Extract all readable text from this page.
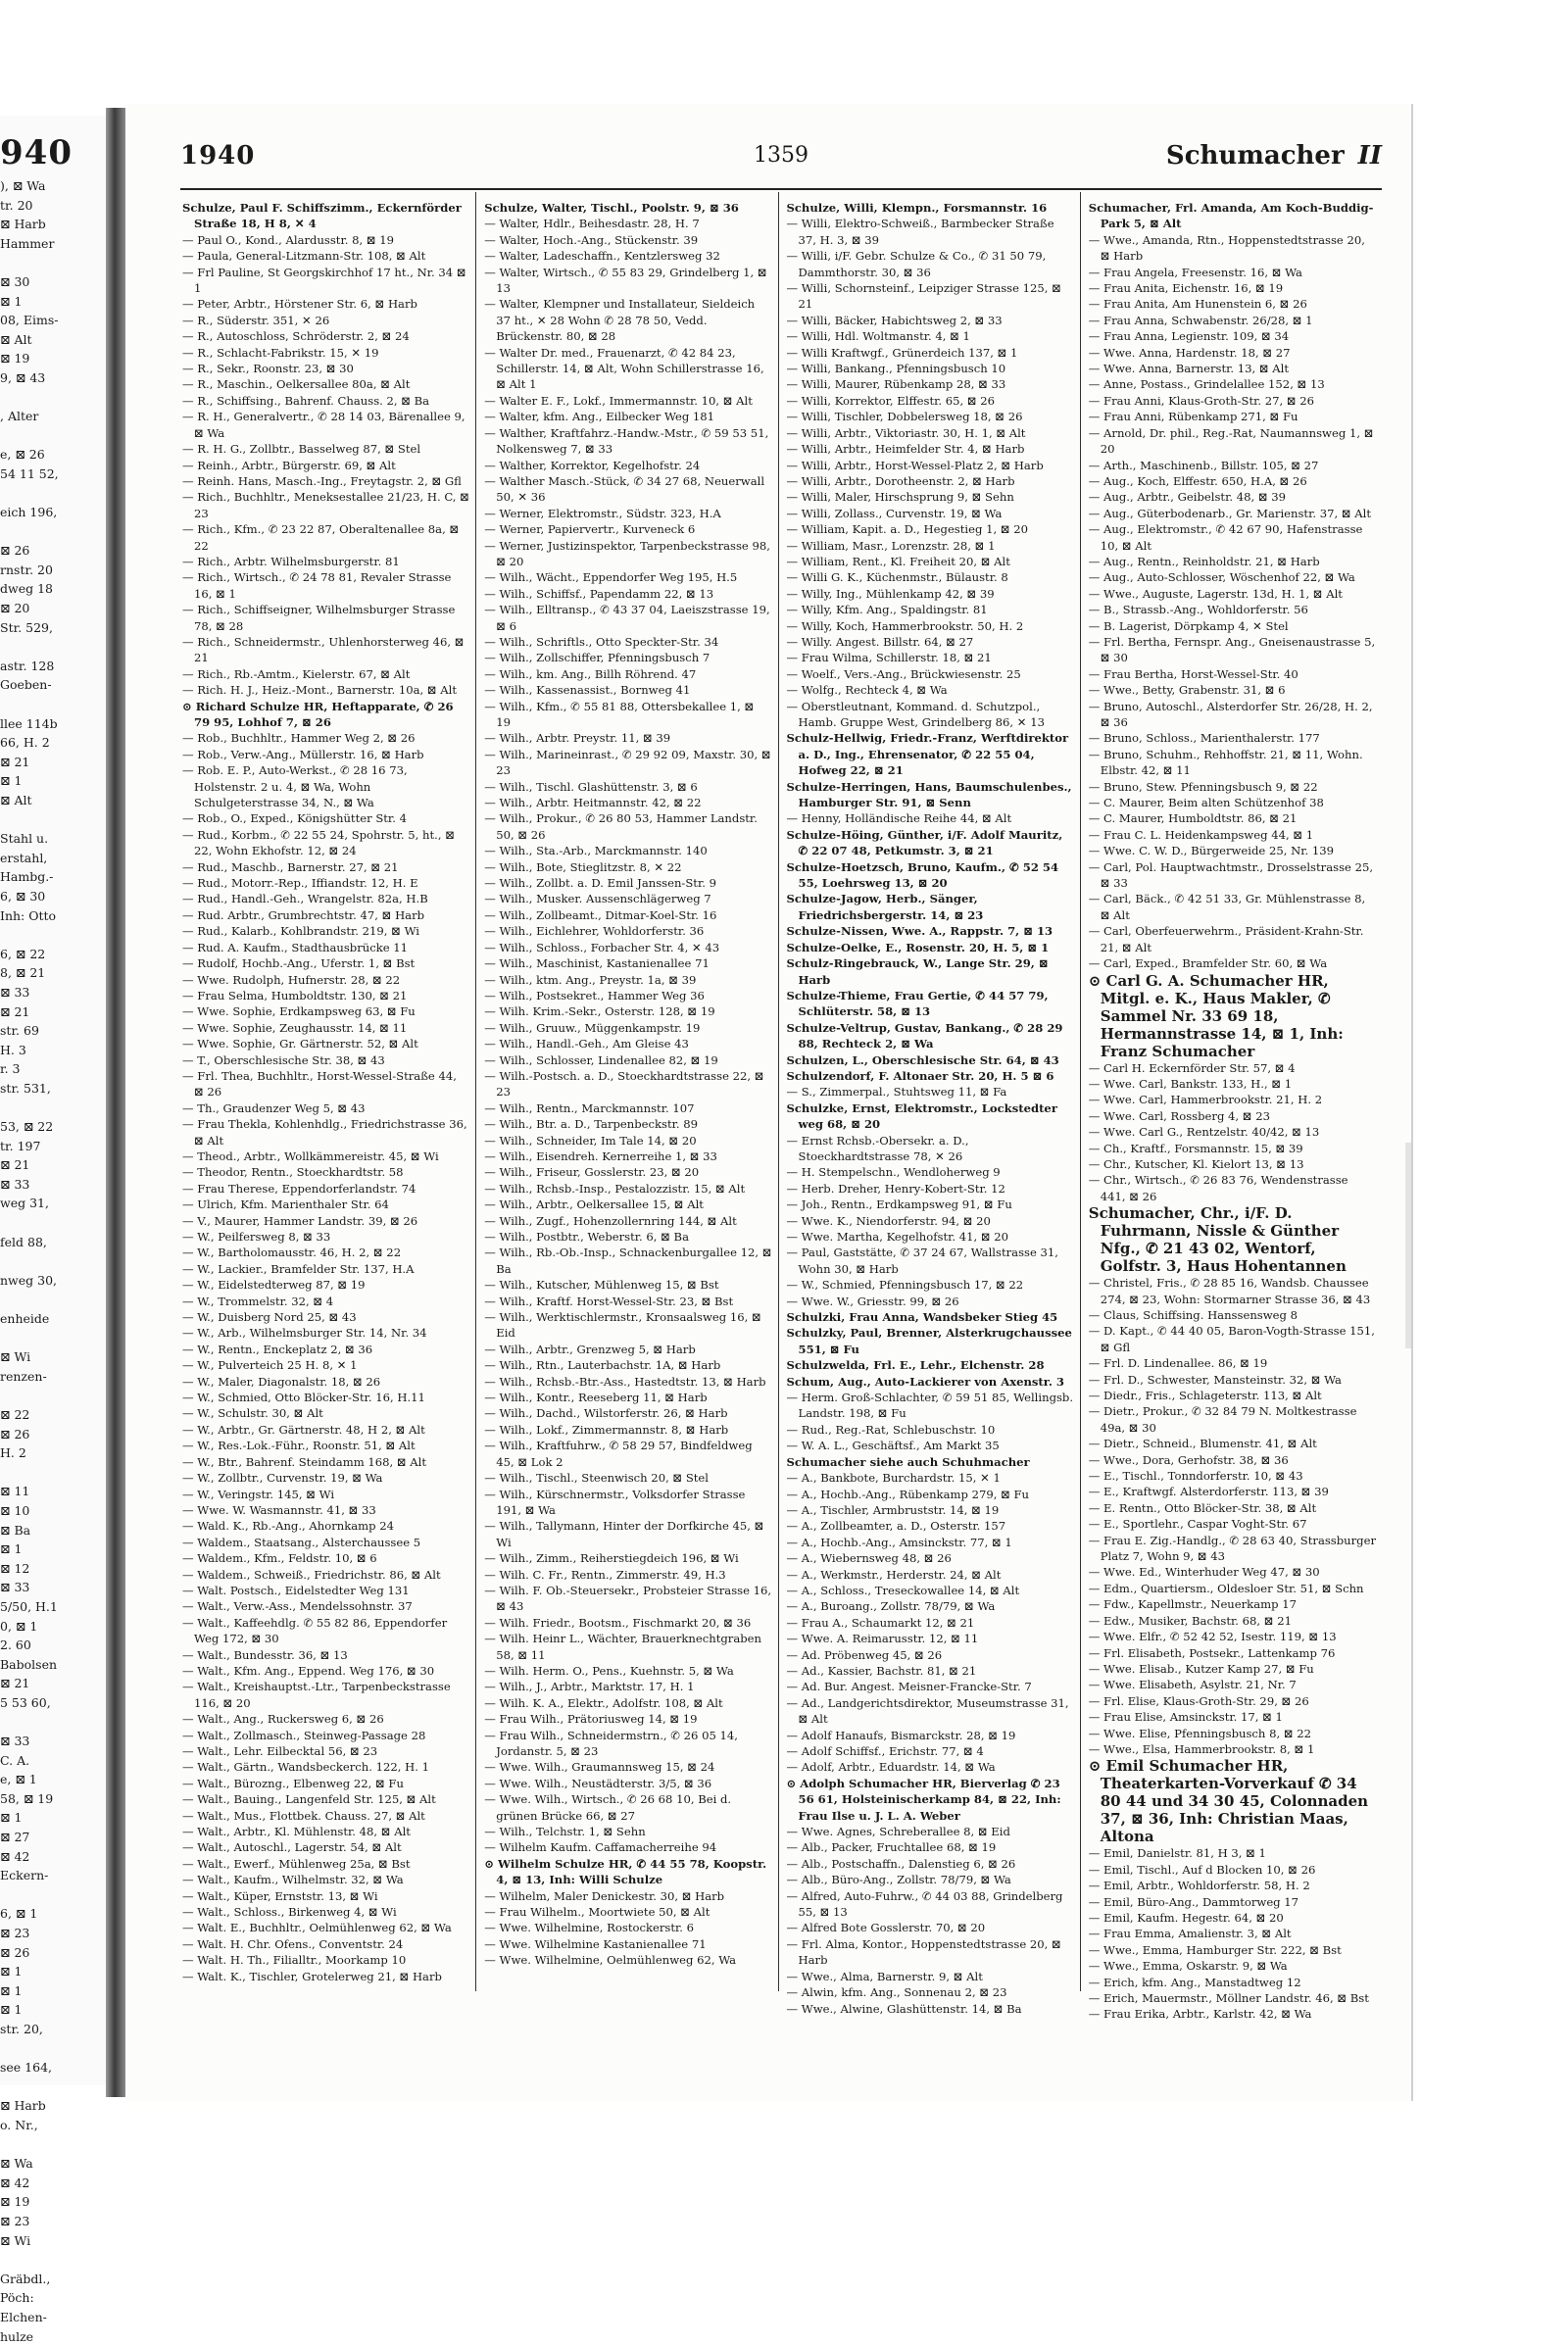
940
), ⊠ Wa
tr. 20
⊠ Harb
Hammer
⊠ 30
⊠ 1
08, Eims-
⊠ Alt
⊠ 19
9, ⊠ 43
, Alter
e, ⊠ 26
54 11 52,
eich 196,
⊠ 26
rnstr. 20
dweg 18
⊠ 20
Str. 529,
astr. 128
Goeben-
llee 114b
66, H. 2
⊠ 21
⊠ 1
⊠ Alt
Stahl u.
erstahl,
Hambg.-
6, ⊠ 30
Inh: Otto
6, ⊠ 22
8, ⊠ 21
⊠ 33
⊠ 21
str. 69
H. 3
r. 3
str. 531,
53, ⊠ 22
tr. 197
⊠ 21
⊠ 33
weg 31,
feld 88,
nweg 30,
enheide
⊠ Wi
renzen-
⊠ 22
⊠ 26
H. 2
⊠ 11
⊠ 10
⊠ Ba
⊠ 1
⊠ 12
⊠ 33
5/50, H.1
0, ⊠ 1
2. 60
Babolsen
⊠ 21
5 53 60,
⊠ 33
C. A.
e, ⊠ 1
58, ⊠ 19
⊠ 1
⊠ 27
⊠ 42
Eckern-
6, ⊠ 1
⊠ 23
⊠ 26
⊠ 1
⊠ 1
⊠ 1
str. 20,
see 164,
⊠ Harb
o. Nr.,
⊠ Wa
⊠ 42
⊠ 19
⊠ 23
⊠ Wi
Gräbdl.,
Pöch:
Elchen-
hulze
1940	1359	Schumacher II

Schulze, Paul F. Schiffszimm., Eckernförder Straße 18, H 8, ✕ 4

— Paul O., Kond., Alardusstr. 8, ⊠ 19

— Paula, General-Litzmann-Str. 108, ⊠ Alt

— Frl Pauline, St Georgskirchhof 17 ht., Nr. 34 ⊠ 1

— Peter, Arbtr., Hörstener Str. 6, ⊠ Harb

— R., Süderstr. 351, ✕ 26

— R., Autoschloss, Schröderstr. 2, ⊠ 24

— R., Schlacht-Fabrikstr. 15, ✕ 19

— R., Sekr., Roonstr. 23, ⊠ 30

— R., Maschin., Oelkersallee 80a, ⊠ Alt

— R., Schiffsing., Bahrenf. Chauss. 2, ⊠ Ba

— R. H., Generalvertr., ✆ 28 14 03, Bärenallee 9, ⊠ Wa

— R. H. G., Zollbtr., Basselweg 87, ⊠ Stel

— Reinh., Arbtr., Bürgerstr. 69, ⊠ Alt

— Reinh. Hans, Masch.-Ing., Freytagstr. 2, ⊠ Gfl

— Rich., Buchhltr., Meneksestallee 21/23, H. C, ⊠ 23

— Rich., Kfm., ✆ 23 22 87, Oberaltenallee 8a, ⊠ 22

— Rich., Arbtr. Wilhelmsburgerstr. 81

— Rich., Wirtsch., ✆ 24 78 81, Revaler Strasse 16, ⊠ 1

— Rich., Schiffseigner, Wilhelmsburger Strasse 78, ⊠ 28

— Rich., Schneidermstr., Uhlenhorsterweg 46, ⊠ 21

— Rich., Rb.-Amtm., Kielerstr. 67, ⊠ Alt

— Rich. H. J., Heiz.-Mont., Barnerstr. 10a, ⊠ Alt

⊙ Richard Schulze HR, Heftapparate, ✆ 26 79 95, Lohhof 7, ⊠ 26

— Rob., Buchhltr., Hammer Weg 2, ⊠ 26

— Rob., Verw.-Ang., Müllerstr. 16, ⊠ Harb

— Rob. E. P., Auto-Werkst., ✆ 28 16 73, Holstenstr. 2 u. 4, ⊠ Wa, Wohn Schulgeterstrasse 34, N., ⊠ Wa

— Rob., O., Exped., Königshütter Str. 4

— Rud., Korbm., ✆ 22 55 24, Spohrstr. 5, ht., ⊠ 22, Wohn Ekhofstr. 12, ⊠ 24

— Rud., Maschb., Barnerstr. 27, ⊠ 21

— Rud., Motorr.-Rep., Iffiandstr. 12, H. E

— Rud., Handl.-Geh., Wrangelstr. 82a, H.B

— Rud. Arbtr., Grumbrechtstr. 47, ⊠ Harb

— Rud., Kalarb., Kohlbrandstr. 219, ⊠ Wi

— Rud. A. Kaufm., Stadthausbrücke 11

— Rudolf, Hochb.-Ang., Uferstr. 1, ⊠ Bst

— Wwe. Rudolph, Hufnerstr. 28, ⊠ 22

— Frau Selma, Humboldtstr. 130, ⊠ 21

— Wwe. Sophie, Erdkampsweg 63, ⊠ Fu

— Wwe. Sophie, Zeughausstr. 14, ⊠ 11

— Wwe. Sophie, Gr. Gärtnerstr. 52, ⊠ Alt

— T., Oberschlesische Str. 38, ⊠ 43

— Frl. Thea, Buchhltr., Horst-Wessel-Straße 44, ⊠ 26

— Th., Graudenzer Weg 5, ⊠ 43

— Frau Thekla, Kohlenhdlg., Friedrichstrasse 36, ⊠ Alt

— Theod., Arbtr., Wollkämmereistr. 45, ⊠ Wi

— Theodor, Rentn., Stoeckhardtstr. 58

— Frau Therese, Eppendorferlandstr. 74

— Ulrich, Kfm. Marienthaler Str. 64

— V., Maurer, Hammer Landstr. 39, ⊠ 26

— W., Peilfersweg 8, ⊠ 33

— W., Bartholomausstr. 46, H. 2, ⊠ 22

— W., Lackier., Bramfelder Str. 137, H.A

— W., Eidelstedterweg 87, ⊠ 19

— W., Trommelstr. 32, ⊠ 4

— W., Duisberg Nord 25, ⊠ 43

— W., Arb., Wilhelmsburger Str. 14, Nr. 34

— W., Rentn., Enckeplatz 2, ⊠ 36

— W., Pulverteich 25 H. 8, ✕ 1

— W., Maler, Diagonalstr. 18, ⊠ 26

— W., Schmied, Otto Blöcker-Str. 16, H.11

— W., Schulstr. 30, ⊠ Alt

— W., Arbtr., Gr. Gärtnerstr. 48, H 2, ⊠ Alt

— W., Res.-Lok.-Führ., Roonstr. 51, ⊠ Alt

— W., Btr., Bahrenf. Steindamm 168, ⊠ Alt

— W., Zollbtr., Curvenstr. 19, ⊠ Wa

— W., Veringstr. 145, ⊠ Wi

— Wwe. W. Wasmannstr. 41, ⊠ 33

— Wald. K., Rb.-Ang., Ahornkamp 24

— Waldem., Staatsang., Alsterchaussee 5

— Waldem., Kfm., Feldstr. 10, ⊠ 6

— Waldem., Schweiß., Friedrichstr. 86, ⊠ Alt

— Walt. Postsch., Eidelstedter Weg 131

— Walt., Verw.-Ass., Mendelssohnstr. 37

— Walt., Kaffeehdlg. ✆ 55 82 86, Eppendorfer Weg 172, ⊠ 30

— Walt., Bundesstr. 36, ⊠ 13

— Walt., Kfm. Ang., Eppend. Weg 176, ⊠ 30

— Walt., Kreishauptst.-Ltr., Tarpenbeckstrasse 116, ⊠ 20

— Walt., Ang., Ruckersweg 6, ⊠ 26

— Walt., Zollmasch., Steinweg-Passage 28

— Walt., Lehr. Eilbecktal 56, ⊠ 23

— Walt., Gärtn., Wandsbeckerch. 122, H. 1

— Walt., Bürozng., Elbenweg 22, ⊠ Fu

— Walt., Bauing., Langenfeld Str. 125, ⊠ Alt

— Walt., Mus., Flottbek. Chauss. 27, ⊠ Alt

— Walt., Arbtr., Kl. Mühlenstr. 48, ⊠ Alt

— Walt., Autoschl., Lagerstr. 54, ⊠ Alt

— Walt., Ewerf., Mühlenweg 25a, ⊠ Bst

— Walt., Kaufm., Wilhelmstr. 32, ⊠ Wa

— Walt., Küper, Ernststr. 13, ⊠ Wi

— Walt., Schloss., Birkenweg 4, ⊠ Wi

— Walt. E., Buchhltr., Oelmühlenweg 62, ⊠ Wa

— Walt. H. Chr. Ofens., Conventstr. 24

— Walt. H. Th., Filialltr., Moorkamp 10

— Walt. K., Tischler, Grotelerweg 21, ⊠ Harb

Schulze, Walter, Tischl., Poolstr. 9, ⊠ 36

— Walter, Hdlr., Beihesdastr. 28, H. 7

— Walter, Hoch.-Ang., Stückenstr. 39

— Walter, Ladeschaffn., Kentzlersweg 32

— Walter, Wirtsch., ✆ 55 83 29, Grindelberg 1, ⊠ 13

— Walter, Klempner und Installateur, Sieldeich 37 ht., ✕ 28 Wohn ✆ 28 78 50, Vedd. Brückenstr. 80, ⊠ 28

— Walter Dr. med., Frauenarzt, ✆ 42 84 23, Schillerstr. 14, ⊠ Alt, Wohn Schillerstrasse 16, ⊠ Alt 1

— Walter E. F., Lokf., Immermannstr. 10, ⊠ Alt

— Walter, kfm. Ang., Eilbecker Weg 181

— Walther, Kraftfahrz.-Handw.-Mstr., ✆ 59 53 51, Nolkensweg 7, ⊠ 33

— Walther, Korrektor, Kegelhofstr. 24

— Walther Masch.-Stück, ✆ 34 27 68, Neuerwall 50, ✕ 36

— Werner, Elektromstr., Südstr. 323, H.A

— Werner, Papiervertr., Kurveneck 6

— Werner, Justizinspektor, Tarpenbeckstrasse 98, ⊠ 20

— Wilh., Wächt., Eppendorfer Weg 195, H.5

— Wilh., Schiffsf., Papendamm 22, ⊠ 13

— Wilh., Elltransp., ✆ 43 37 04, Laeiszstrasse 19, ⊠ 6

— Wilh., Schriftls., Otto Speckter-Str. 34

— Wilh., Zollschiffer, Pfenningsbusch 7

— Wilh., km. Ang., Billh Röhrend. 47

— Wilh., Kassenassist., Bornweg 41

— Wilh., Kfm., ✆ 55 81 88, Ottersbekallee 1, ⊠ 19

— Wilh., Arbtr. Preystr. 11, ⊠ 39

— Wilh., Marineinrast., ✆ 29 92 09, Maxstr. 30, ⊠ 23

— Wilh., Tischl. Glashüttenstr. 3, ⊠ 6

— Wilh., Arbtr. Heitmannstr. 42, ⊠ 22

— Wilh., Prokur., ✆ 26 80 53, Hammer Landstr. 50, ⊠ 26

— Wilh., Sta.-Arb., Marckmannstr. 140

— Wilh., Bote, Stieglitzstr. 8, ✕ 22

— Wilh., Zollbt. a. D. Emil Janssen-Str. 9

— Wilh., Musker. Aussenschlägerweg 7

— Wilh., Zollbeamt., Ditmar-Koel-Str. 16

— Wilh., Eichlehrer, Wohldorferstr. 36

— Wilh., Schloss., Forbacher Str. 4, ✕ 43

— Wilh., Maschinist, Kastanienallee 71

— Wilh., ktm. Ang., Preystr. 1a, ⊠ 39

— Wilh., Postsekret., Hammer Weg 36

— Wilh. Krim.-Sekr., Osterstr. 128, ⊠ 19

— Wilh., Gruuw., Müggenkampstr. 19

— Wilh., Handl.-Geh., Am Gleise 43

— Wilh., Schlosser, Lindenallee 82, ⊠ 19

— Wilh.-Postsch. a. D., Stoeckhardtstrasse 22, ⊠ 23

— Wilh., Rentn., Marckmannstr. 107

— Wilh., Btr. a. D., Tarpenbeckstr. 89

— Wilh., Schneider, Im Tale 14, ⊠ 20

— Wilh., Eisendreh. Kernerreihe 1, ⊠ 33

— Wilh., Friseur, Gosslerstr. 23, ⊠ 20

— Wilh., Rchsb.-Insp., Pestalozzistr. 15, ⊠ Alt

— Wilh., Arbtr., Oelkersallee 15, ⊠ Alt

— Wilh., Zugf., Hohenzollernring 144, ⊠ Alt

— Wilh., Postbtr., Weberstr. 6, ⊠ Ba

— Wilh., Rb.-Ob.-Insp., Schnackenburgallee 12, ⊠ Ba

— Wilh., Kutscher, Mühlenweg 15, ⊠ Bst

— Wilh., Kraftf. Horst-Wessel-Str. 23, ⊠ Bst

— Wilh., Werktischlermstr., Kronsaalsweg 16, ⊠ Eid

— Wilh., Arbtr., Grenzweg 5, ⊠ Harb

— Wilh., Rtn., Lauterbachstr. 1A, ⊠ Harb

— Wilh., Rchsb.-Btr.-Ass., Hastedtstr. 13, ⊠ Harb

— Wilh., Kontr., Reeseberg 11, ⊠ Harb

— Wilh., Dachd., Wilstorferstr. 26, ⊠ Harb

— Wilh., Lokf., Zimmermannstr. 8, ⊠ Harb

— Wilh., Kraftfuhrw., ✆ 58 29 57, Bindfeldweg 45, ⊠ Lok 2

— Wilh., Tischl., Steenwisch 20, ⊠ Stel

— Wilh., Kürschnermstr., Volksdorfer Strasse 191, ⊠ Wa

— Wilh., Tallymann, Hinter der Dorfkirche 45, ⊠ Wi

— Wilh., Zimm., Reiherstiegdeich 196, ⊠ Wi

— Wilh. C. Fr., Rentn., Zimmerstr. 49, H.3

— Wilh. F. Ob.-Steuersekr., Probsteier Strasse 16, ⊠ 43

— Wilh. Friedr., Bootsm., Fischmarkt 20, ⊠ 36

— Wilh. Heinr L., Wächter, Brauerknechtgraben 58, ⊠ 11

— Wilh. Herm. O., Pens., Kuehnstr. 5, ⊠ Wa

— Wilh., J., Arbtr., Marktstr. 17, H. 1

— Wilh. K. A., Elektr., Adolfstr. 108, ⊠ Alt

— Frau Wilh., Prätoriusweg 14, ⊠ 19

— Frau Wilh., Schneidermstrn., ✆ 26 05 14, Jordanstr. 5, ⊠ 23

— Wwe. Wilh., Graumannsweg 15, ⊠ 24

— Wwe. Wilh., Neustädterstr. 3/5, ⊠ 36

— Wwe. Wilh., Wirtsch., ✆ 26 68 10, Bei d. grünen Brücke 66, ⊠ 27

— Wilh., Telchstr. 1, ⊠ Sehn

— Wilhelm Kaufm. Caffamacherreihe 94

⊙ Wilhelm Schulze HR, ✆ 44 55 78, Koopstr. 4, ⊠ 13, Inh: Willi Schulze

— Wilhelm, Maler Denickestr. 30, ⊠ Harb

— Frau Wilhelm., Moortwiete 50, ⊠ Alt

— Wwe. Wilhelmine, Rostockerstr. 6

— Wwe. Wilhelmine Kastanienallee 71

— Wwe. Wilhelmine, Oelmühlenweg 62, Wa

Schulze, Willi, Klempn., Forsmannstr. 16

— Willi, Elektro-Schweiß., Barmbecker Straße 37, H. 3, ⊠ 39

— Willi, i/F. Gebr. Schulze & Co., ✆ 31 50 79, Dammthorstr. 30, ⊠ 36

— Willi, Schornsteinf., Leipziger Strasse 125, ⊠ 21

— Willi, Bäcker, Habichtsweg 2, ⊠ 33

— Willi, Hdl. Woltmanstr. 4, ⊠ 1

— Willi Kraftwgf., Grünerdeich 137, ⊠ 1

— Willi, Bankang., Pfenningsbusch 10

— Willi, Maurer, Rübenkamp 28, ⊠ 33

— Willi, Korrektor, Elffestr. 65, ⊠ 26

— Willi, Tischler, Dobbelersweg 18, ⊠ 26

— Willi, Arbtr., Viktoriastr. 30, H. 1, ⊠ Alt

— Willi, Arbtr., Heimfelder Str. 4, ⊠ Harb

— Willi, Arbtr., Horst-Wessel-Platz 2, ⊠ Harb

— Willi, Arbtr., Dorotheenstr. 2, ⊠ Harb

— Willi, Maler, Hirschsprung 9, ⊠ Sehn

— Willi, Zollass., Curvenstr. 19, ⊠ Wa

— William, Kapit. a. D., Hegestieg 1, ⊠ 20

— William, Masr., Lorenzstr. 28, ⊠ 1

— William, Rent., Kl. Freiheit 20, ⊠ Alt

— Willi G. K., Küchenmstr., Bülaustr. 8

— Willy, Ing., Mühlenkamp 42, ⊠ 39

— Willy, Kfm. Ang., Spaldingstr. 81

— Willy, Koch, Hammerbrookstr. 50, H. 2

— Willy. Angest. Billstr. 64, ⊠ 27

— Frau Wilma, Schillerstr. 18, ⊠ 21

— Woelf., Vers.-Ang., Brückwiesenstr. 25

— Wolfg., Rechteck 4, ⊠ Wa

— Oberstleutnant, Kommand. d. Schutzpol., Hamb. Gruppe West, Grindelberg 86, ✕ 13

Schulz-Hellwig, Friedr.-Franz, Werftdirektor a. D., Ing., Ehrensenator, ✆ 22 55 04, Hofweg 22, ⊠ 21

Schulze-Herringen, Hans, Baumschulenbes., Hamburger Str. 91, ⊠ Senn

— Henny, Holländische Reihe 44, ⊠ Alt

Schulze-Höing, Günther, i/F. Adolf Mauritz, ✆ 22 07 48, Petkumstr. 3, ⊠ 21

Schulze-Hoetzsch, Bruno, Kaufm., ✆ 52 54 55, Loehrsweg 13, ⊠ 20

Schulze-Jagow, Herb., Sänger, Friedrichsbergerstr. 14, ⊠ 23

Schulze-Nissen, Wwe. A., Rappstr. 7, ⊠ 13

Schulze-Oelke, E., Rosenstr. 20, H. 5, ⊠ 1

Schulz-Ringebrauck, W., Lange Str. 29, ⊠ Harb

Schulze-Thieme, Frau Gertie, ✆ 44 57 79, Schlüterstr. 58, ⊠ 13

Schulze-Veltrup, Gustav, Bankang., ✆ 28 29 88, Rechteck 2, ⊠ Wa

Schulzen, L., Oberschlesische Str. 64, ⊠ 43

Schulzendorf, F. Altonaer Str. 20, H. 5 ⊠ 6

— S., Zimmerpal., Stuhtsweg 11, ⊠ Fa

Schulzke, Ernst, Elektromstr., Lockstedter weg 68, ⊠ 20

— Ernst Rchsb.-Obersekr. a. D., Stoeckhardtstrasse 78, ✕ 26

— H. Stempelschn., Wendloherweg 9

— Herb. Dreher, Henry-Kobert-Str. 12

— Joh., Rentn., Erdkampsweg 91, ⊠ Fu

— Wwe. K., Niendorferstr. 94, ⊠ 20

— Wwe. Martha, Kegelhofstr. 41, ⊠ 20

— Paul, Gaststätte, ✆ 37 24 67, Wallstrasse 31, Wohn 30, ⊠ Harb

— W., Schmied, Pfenningsbusch 17, ⊠ 22

— Wwe. W., Griesstr. 99, ⊠ 26

Schulzki, Frau Anna, Wandsbeker Stieg 45

Schulzky, Paul, Brenner, Alsterkrugchaussee 551, ⊠ Fu

Schulzwelda, Frl. E., Lehr., Elchenstr. 28

Schum, Aug., Auto-Lackierer von Axenstr. 3

— Herm. Groß-Schlachter, ✆ 59 51 85, Wellingsb. Landstr. 198, ⊠ Fu

— Rud., Reg.-Rat, Schlebuschstr. 10

— W. A. L., Geschäftsf., Am Markt 35

Schumacher siehe auch Schuhmacher

— A., Bankbote, Burchardstr. 15, ✕ 1

— A., Hochb.-Ang., Rübenkamp 279, ⊠ Fu

— A., Tischler, Armbruststr. 14, ⊠ 19

— A., Zollbeamter, a. D., Osterstr. 157

— A., Hochb.-Ang., Amsinckstr. 77, ⊠ 1

— A., Wiebernsweg 48, ⊠ 26

— A., Werkmstr., Herderstr. 24, ⊠ Alt

— A., Schloss., Treseckowallee 14, ⊠ Alt

— A., Buroang., Zollstr. 78/79, ⊠ Wa

— Frau A., Schaumarkt 12, ⊠ 21

— Wwe. A. Reimarusstr. 12, ⊠ 11

— Ad. Pröbenweg 45, ⊠ 26

— Ad., Kassier, Bachstr. 81, ⊠ 21

— Ad. Bur. Angest. Meisner-Francke-Str. 7

— Ad., Landgerichtsdirektor, Museumstrasse 31, ⊠ Alt

— Adolf Hanaufs, Bismarckstr. 28, ⊠ 19

— Adolf Schiffsf., Erichstr. 77, ⊠ 4

— Adolf, Arbtr., Eduardstr. 14, ⊠ Wa

⊙ Adolph Schumacher HR, Bierverlag ✆ 23 56 61, Holsteinischerkamp 84, ⊠ 22, Inh: Frau Ilse u. J. L. A. Weber

— Wwe. Agnes, Schreberallee 8, ⊠ Eid

— Alb., Packer, Fruchtallee 68, ⊠ 19

— Alb., Postschaffn., Dalenstieg 6, ⊠ 26

— Alb., Büro-Ang., Zollstr. 78/79, ⊠ Wa

— Alfred, Auto-Fuhrw., ✆ 44 03 88, Grindelberg 55, ⊠ 13

— Alfred Bote Gosslerstr. 70, ⊠ 20

— Frl. Alma, Kontor., Hoppenstedtstrasse 20, ⊠ Harb

— Wwe., Alma, Barnerstr. 9, ⊠ Alt

— Alwin, kfm. Ang., Sonnenau 2, ⊠ 23

— Wwe., Alwine, Glashüttenstr. 14, ⊠ Ba

Schumacher, Frl. Amanda, Am Koch-Buddig-Park 5, ⊠ Alt

— Wwe., Amanda, Rtn., Hoppenstedtstrasse 20, ⊠ Harb

— Frau Angela, Freesenstr. 16, ⊠ Wa

— Frau Anita, Eichenstr. 16, ⊠ 19

— Frau Anita, Am Hunenstein 6, ⊠ 26

— Frau Anna, Schwabenstr. 26/28, ⊠ 1

— Frau Anna, Legienstr. 109, ⊠ 34

— Wwe. Anna, Hardenstr. 18, ⊠ 27

— Wwe. Anna, Barnerstr. 13, ⊠ Alt

— Anne, Postass., Grindelallee 152, ⊠ 13

— Frau Anni, Klaus-Groth-Str. 27, ⊠ 26

— Frau Anni, Rübenkamp 271, ⊠ Fu

— Arnold, Dr. phil., Reg.-Rat, Naumannsweg 1, ⊠ 20

— Arth., Maschinenb., Billstr. 105, ⊠ 27

— Aug., Koch, Elffestr. 650, H.A, ⊠ 26

— Aug., Arbtr., Geibelstr. 48, ⊠ 39

— Aug., Güterbodenarb., Gr. Marienstr. 37, ⊠ Alt

— Aug., Elektromstr., ✆ 42 67 90, Hafenstrasse 10, ⊠ Alt

— Aug., Rentn., Reinholdstr. 21, ⊠ Harb

— Aug., Auto-Schlosser, Wöschenhof 22, ⊠ Wa

— Wwe., Auguste, Lagerstr. 13d, H. 1, ⊠ Alt

— B., Strassb.-Ang., Wohldorferstr. 56

— B. Lagerist, Dörpkamp 4, ✕ Stel

— Frl. Bertha, Fernspr. Ang., Gneisenaustrasse 5, ⊠ 30

— Frau Bertha, Horst-Wessel-Str. 40

— Wwe., Betty, Grabenstr. 31, ⊠ 6

— Bruno, Autoschl., Alsterdorfer Str. 26/28, H. 2, ⊠ 36

— Bruno, Schloss., Marienthalerstr. 177

— Bruno, Schuhm., Rehhoffstr. 21, ⊠ 11, Wohn. Elbstr. 42, ⊠ 11

— Bruno, Stew. Pfenningsbusch 9, ⊠ 22

— C. Maurer, Beim alten Schützenhof 38

— C. Maurer, Humboldtstr. 86, ⊠ 21

— Frau C. L. Heidenkampsweg 44, ⊠ 1

— Wwe. C. W. D., Bürgerweide 25, Nr. 139

— Carl, Pol. Hauptwachtmstr., Drosselstrasse 25, ⊠ 33

— Carl, Bäck., ✆ 42 51 33, Gr. Mühlenstrasse 8, ⊠ Alt

— Carl, Oberfeuerwehrm., Präsident-Krahn-Str. 21, ⊠ Alt

— Carl, Exped., Bramfelder Str. 60, ⊠ Wa

⊙ Carl G. A. Schumacher HR, Mitgl. e. K., Haus Makler, ✆ Sammel Nr. 33 69 18, Hermannstrasse 14, ⊠ 1, Inh: Franz Schumacher

— Carl H. Eckernförder Str. 57, ⊠ 4

— Wwe. Carl, Bankstr. 133, H., ⊠ 1

— Wwe. Carl, Hammerbrookstr. 21, H. 2

— Wwe. Carl, Rossberg 4, ⊠ 23

— Wwe. Carl G., Rentzelstr. 40/42, ⊠ 13

— Ch., Kraftf., Forsmannstr. 15, ⊠ 39

— Chr., Kutscher, Kl. Kielort 13, ⊠ 13

— Chr., Wirtsch., ✆ 26 83 76, Wendenstrasse 441, ⊠ 26

Schumacher, Chr., i/F. D. Fuhrmann, Nissle & Günther Nfg., ✆ 21 43 02, Wentorf, Golfstr. 3, Haus Hohentannen

— Christel, Fris., ✆ 28 85 16, Wandsb. Chaussee 274, ⊠ 23, Wohn: Stormarner Strasse 36, ⊠ 43

— Claus, Schiffsing. Hanssensweg 8

— D. Kapt., ✆ 44 40 05, Baron-Vogth-Strasse 151, ⊠ Gfl

— Frl. D. Lindenallee. 86, ⊠ 19

— Frl. D., Schwester, Mansteinstr. 32, ⊠ Wa

— Diedr., Fris., Schlageterstr. 113, ⊠ Alt

— Dietr., Prokur., ✆ 32 84 79 N. Moltkestrasse 49a, ⊠ 30

— Dietr., Schneid., Blumenstr. 41, ⊠ Alt

— Wwe., Dora, Gerhofstr. 38, ⊠ 36

— E., Tischl., Tonndorferstr. 10, ⊠ 43

— E., Kraftwgf. Alsterdorferstr. 113, ⊠ 39

— E. Rentn., Otto Blöcker-Str. 38, ⊠ Alt

— E., Sportlehr., Caspar Voght-Str. 67

— Frau E. Zig.-Handlg., ✆ 28 63 40, Strassburger Platz 7, Wohn 9, ⊠ 43

— Wwe. Ed., Winterhuder Weg 47, ⊠ 30

— Edm., Quartiersm., Oldesloer Str. 51, ⊠ Schn

— Fdw., Kapellmstr., Neuerkamp 17

— Edw., Musiker, Bachstr. 68, ⊠ 21

— Wwe. Elfr., ✆ 52 42 52, Isestr. 119, ⊠ 13

— Frl. Elisabeth, Postsekr., Lattenkamp 76

— Wwe. Elisab., Kutzer Kamp 27, ⊠ Fu

— Wwe. Elisabeth, Asylstr. 21, Nr. 7

— Frl. Elise, Klaus-Groth-Str. 29, ⊠ 26

— Frau Elise, Amsinckstr. 17, ⊠ 1

— Wwe. Elise, Pfenningsbusch 8, ⊠ 22

— Wwe., Elsa, Hammerbrookstr. 8, ⊠ 1

⊙ Emil Schumacher HR, Theaterkarten-Vorverkauf ✆ 34 80 44 und 34 30 45, Colonnaden 37, ⊠ 36, Inh: Christian Maas, Altona

— Emil, Danielstr. 81, H 3, ⊠ 1

— Emil, Tischl., Auf d Blocken 10, ⊠ 26

— Emil, Arbtr., Wohldorferstr. 58, H. 2

— Emil, Büro-Ang., Dammtorweg 17

— Emil, Kaufm. Hegestr. 64, ⊠ 20

— Frau Emma, Amalienstr. 3, ⊠ Alt

— Wwe., Emma, Hamburger Str. 222, ⊠ Bst

— Wwe., Emma, Oskarstr. 9, ⊠ Wa

— Erich, kfm. Ang., Manstadtweg 12

— Erich, Mauermstr., Möllner Landstr. 46, ⊠ Bst

— Frau Erika, Arbtr., Karlstr. 42, ⊠ Wa
